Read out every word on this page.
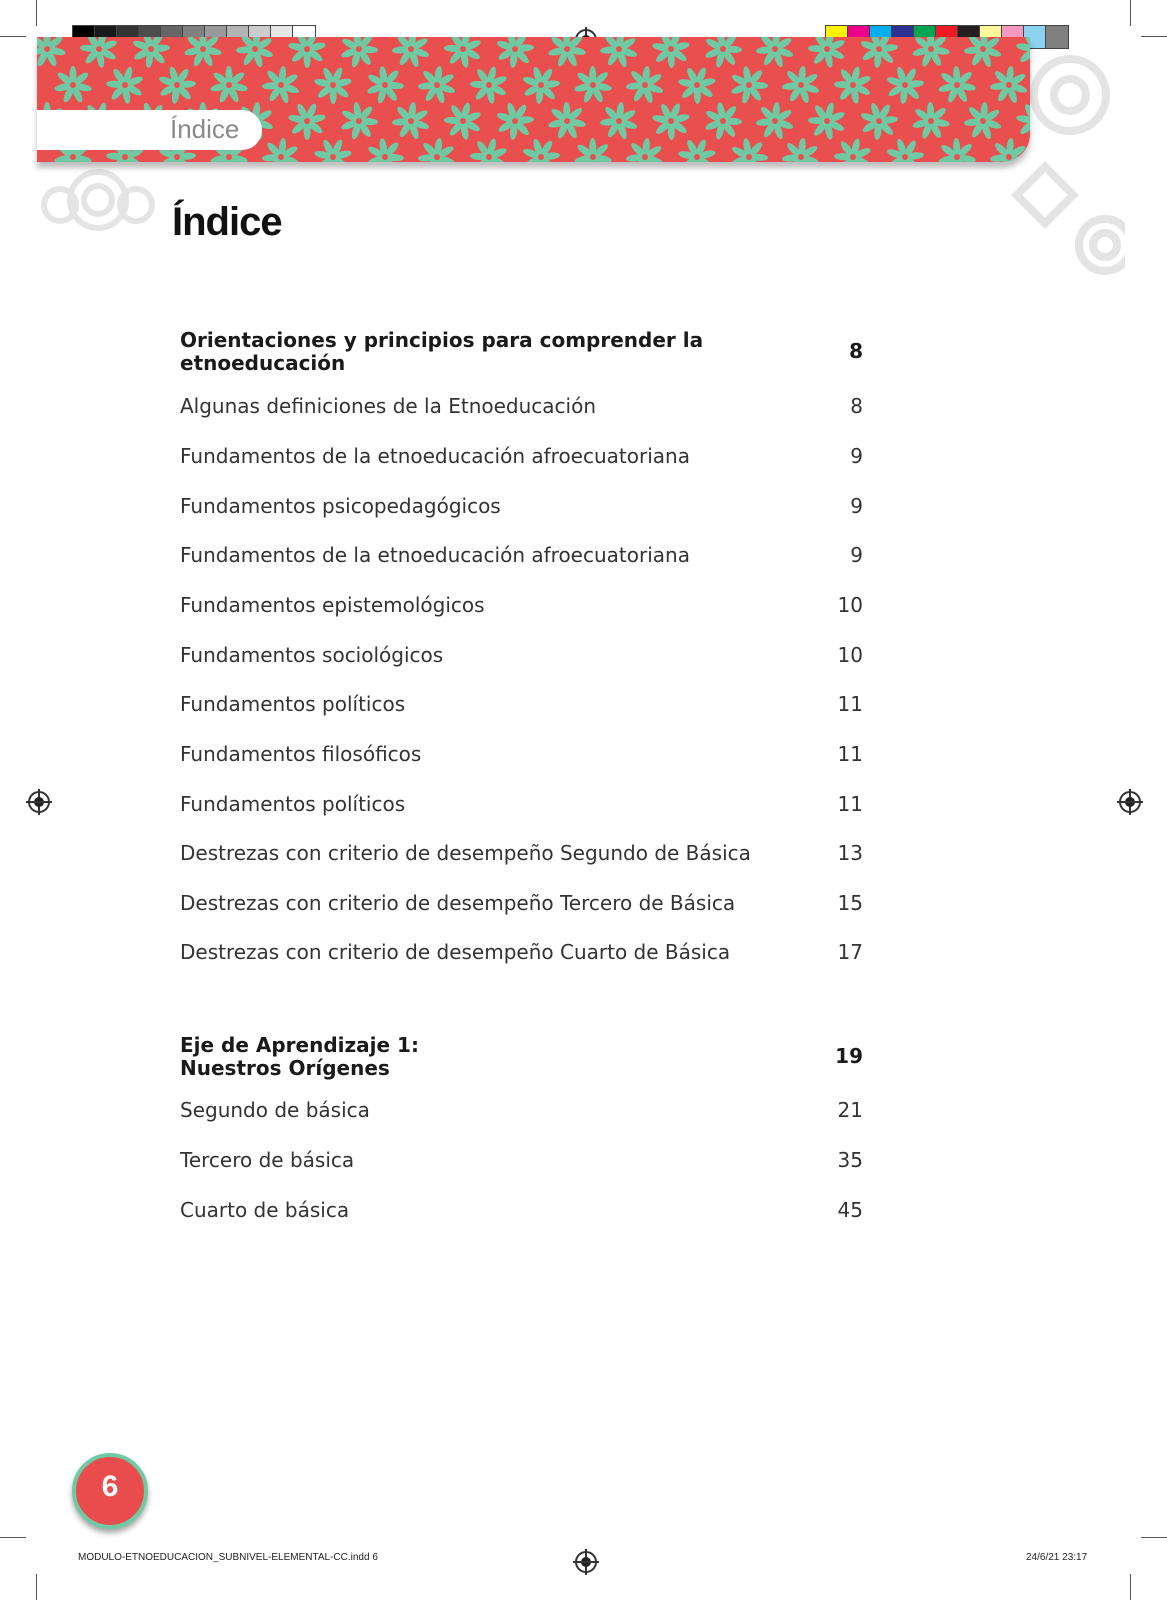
Índice
Índice
Orientaciones y principios para comprender la
etnoeducación	8
Algunas definiciones de la Etnoeducación	8
Fundamentos de la etnoeducación afroecuatoriana	9
Fundamentos psicopedagógicos	9
Fundamentos de la etnoeducación afroecuatoriana	9
Fundamentos epistemológicos	10
Fundamentos sociológicos	10
Fundamentos políticos	11
Fundamentos filosóficos	11
Fundamentos políticos	11
Destrezas con criterio de desempeño Segundo de Básica	13
Destrezas con criterio de desempeño Tercero de Básica	15
Destrezas con criterio de desempeño Cuarto de Básica	17
Eje de Aprendizaje 1:
Nuestros Orígenes	19
Segundo de básica	21
Tercero de básica	35
Cuarto de básica	45
6
MODULO-ETNOEDUCACION_SUBNIVEL-ELEMENTAL-CC.indd 6	24/6/21 23:17
